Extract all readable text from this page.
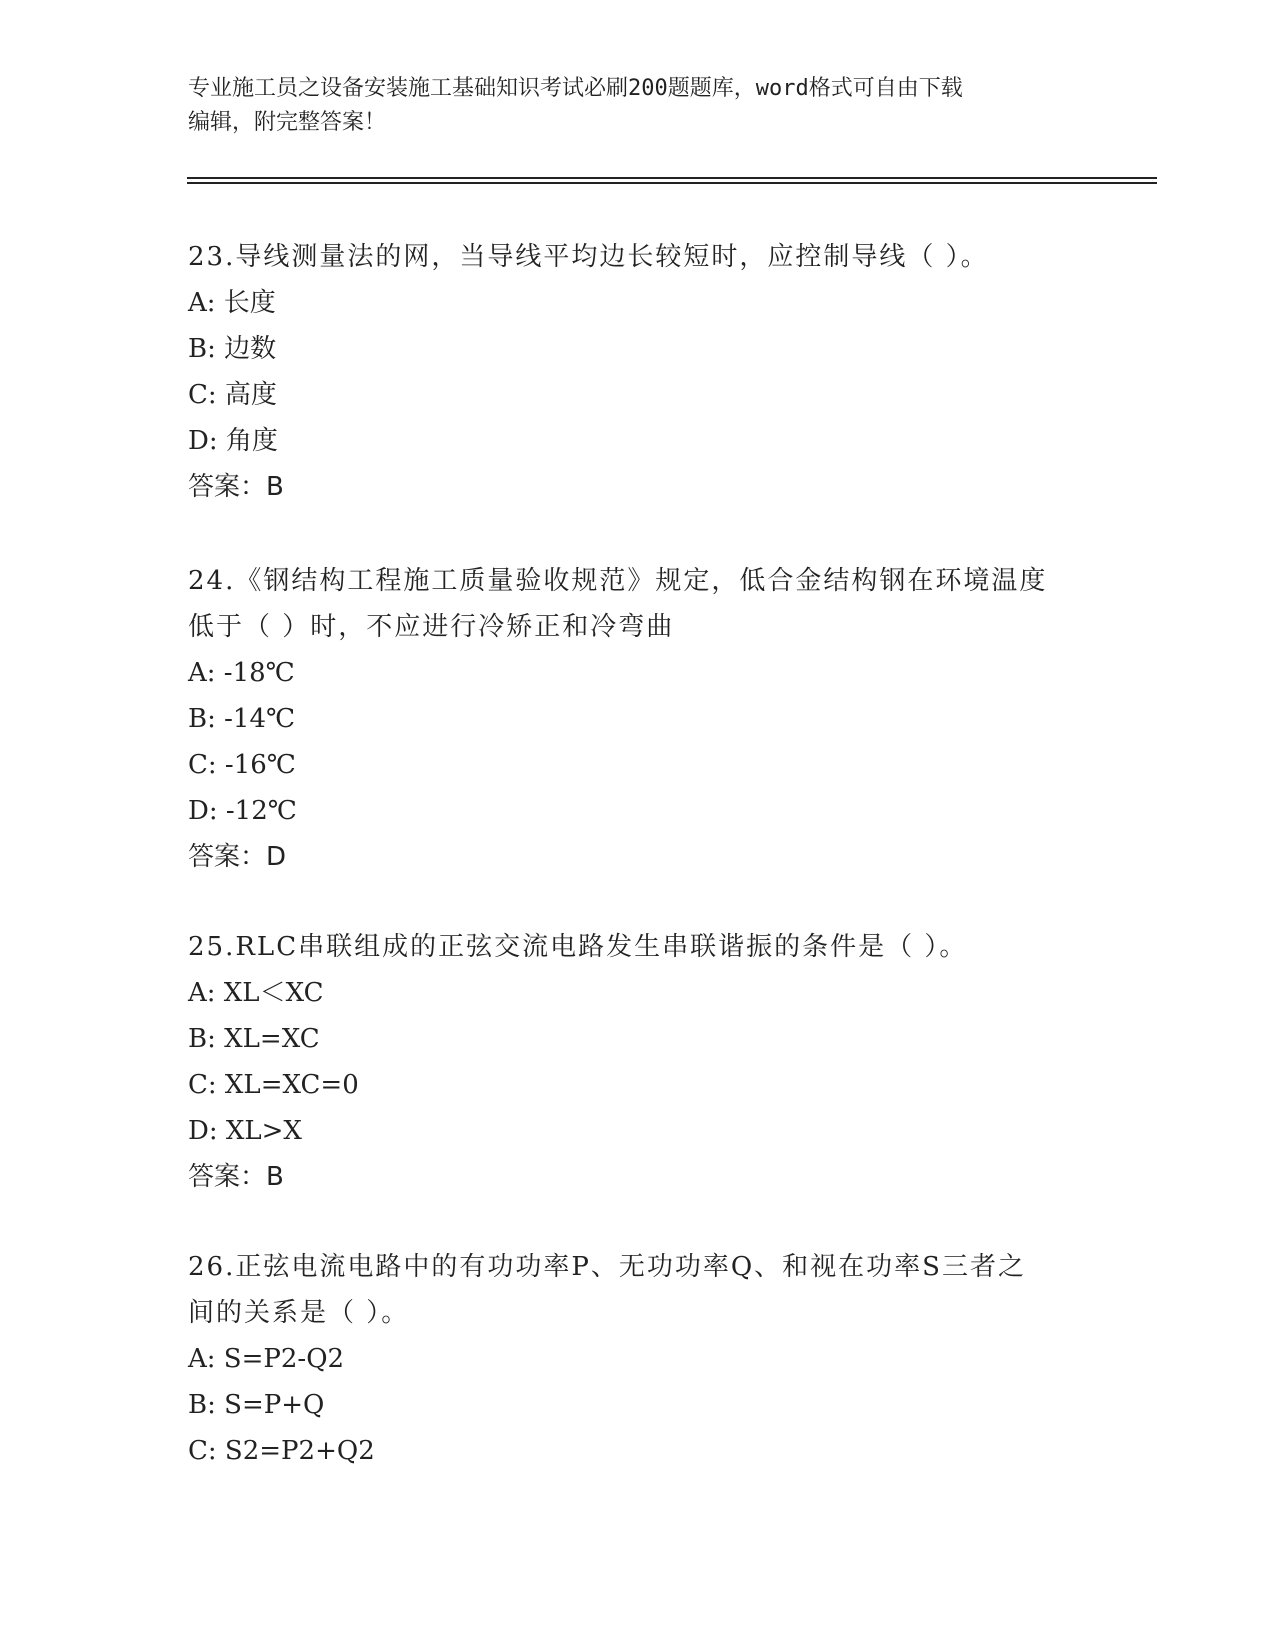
专业施工员之设备安装施工基础知识考试必刷200题题库，word格式可自由下载
编辑，附完整答案！
23.导线测量法的网，当导线平均边长较短时，应控制导线（ ）。
A: 长度
B: 边数
C: 高度
D: 角度
答案：B
24.《钢结构工程施工质量验收规范》规定，低合金结构钢在环境温度
低于（ ）时，不应进行冷矫正和冷弯曲
A: -18℃
B: -14℃
C: -16℃
D: -12℃
答案：D
25.RLC串联组成的正弦交流电路发生串联谐振的条件是（ ）。
A: XL＜XC
B: XL=XC
C: XL=XC=0
D: XL>X
答案：B
26.正弦电流电路中的有功功率P、无功功率Q、和视在功率S三者之
间的关系是（ ）。
A: S=P2-Q2
B: S=P+Q
C: S2=P2+Q2
